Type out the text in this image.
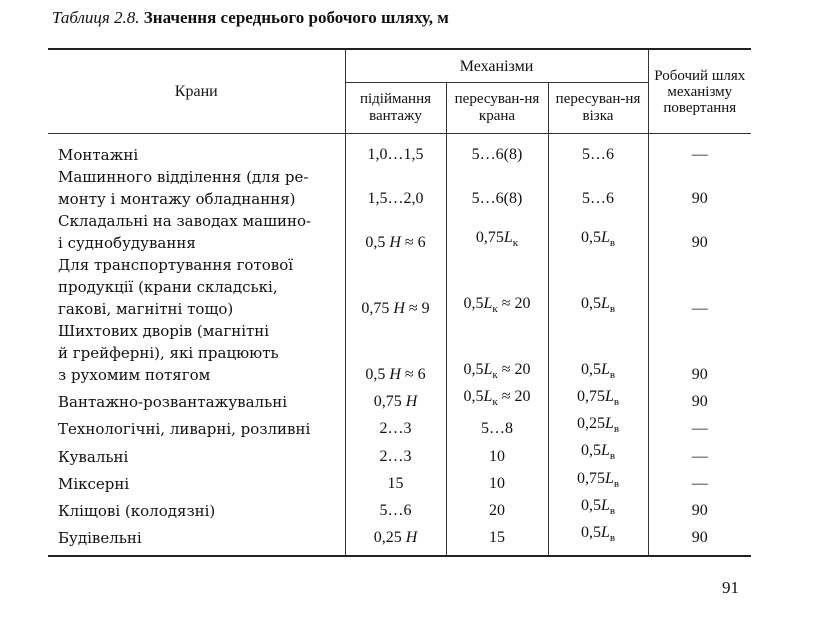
Таблиця 2.8. Значення середнього робочого шляху, м
Крани	Механізми			Робочий шлях механізму повертання
	підіймання вантажу	пересуван-ня крана	пересуван-ня візка	
Монтажні	1,0…1,5	5…6(8)	5…6	—
Машинного відділення (для ре-
монту і монтажу обладнання)	1,5…2,0	5…6(8)	5…6	90
Складальні на заводах машино-
і суднобудування	0,5 H ≈ 6	$0,75L_к$	$0,5L_в$	90
Для транспортування готової
продукції (крани складські,
гакові, магнітні тощо)	0,75 H ≈ 9	$0,5L_к \approx 20$	$0,5L_в$	—
Шихтових дворів (магнітні
й грейферні), які працюють
з рухомим потягом	0,5 H ≈ 6	$0,5L_к \approx 20$	$0,5L_в$	90
Вантажно-розвантажувальні	0,75 H	$0,5L_к \approx 20$	$0,75L_в$	90
Технологічні, ливарні, розливні	2…3	5…8	$0,25L_в$	—
Кувальні	2…3	10	$0,5L_в$	—
Міксерні	15	10	$0,75L_в$	—
Кліщові (колодязні)	5…6	20	$0,5L_в$	90
Будівельні	0,25 H	15	$0,5L_в$	90
91
